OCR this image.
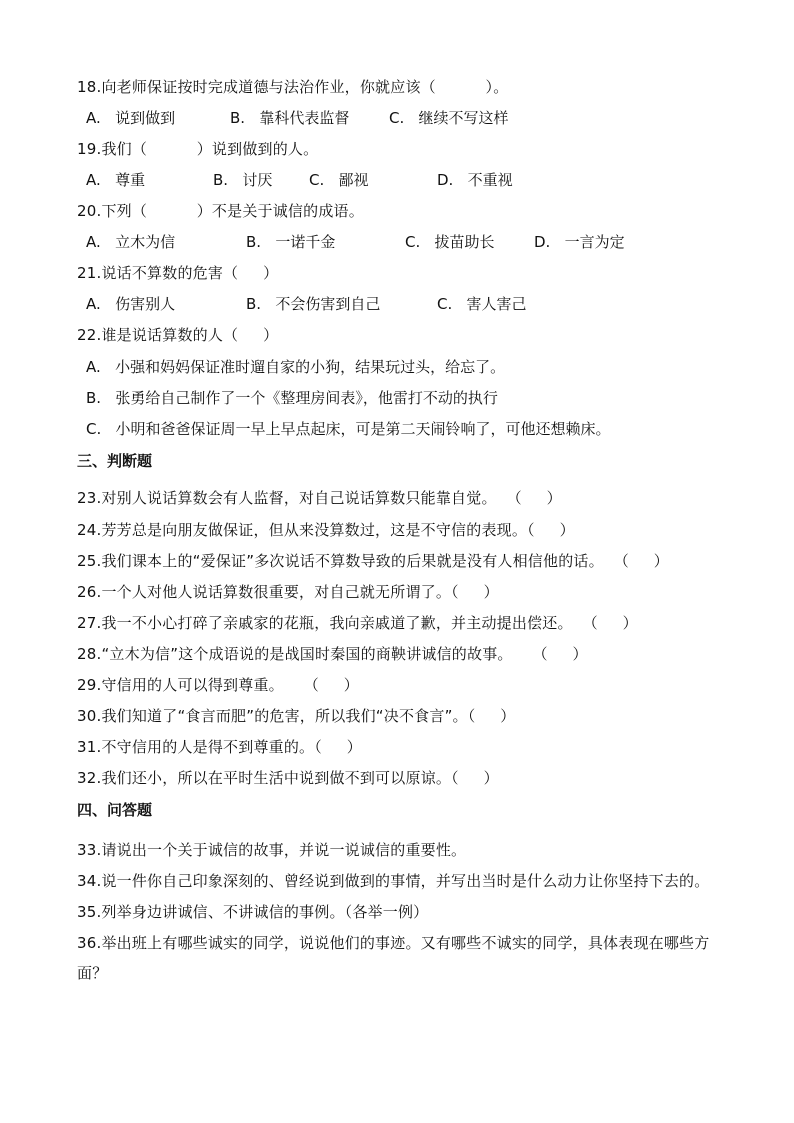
18.向老师保证按时完成道德与法治作业，你就应该（          ）。
A.   说到做到	B.   靠科代表监督	C.   继续不写这样
19.我们（          ）说到做到的人。
A.   尊重	B.   讨厌 C.   鄙视	D.   不重视
20.下列（          ）不是关于诚信的成语。
A.   立木为信	B.   一诺千金	C.   拔苗助长	D.   一言为定
21.说话不算数的危害（     ）
A.   伤害别人	B.   不会伤害到自己	C.   害人害己
22.谁是说话算数的人（     ）
A.   小强和妈妈保证准时遛自家的小狗，结果玩过头，给忘了。
B.   张勇给自己制作了一个《整理房间表》，他雷打不动的执行
C.   小明和爸爸保证周一早上早点起床，可是第二天闹铃响了，可他还想赖床。
三、判断题
23.对别人说话算数会有人监督，对自己说话算数只能靠自觉。  （     ）
24.芳芳总是向朋友做保证，但从来没算数过，这是不守信的表现。（     ）
25.我们课本上的“爱保证”多次说话不算数导致的后果就是没有人相信他的话。  （     ）
26.一个人对他人说话算数很重要，对自己就无所谓了。（     ）
27.我一不小心打碎了亲戚家的花瓶，我向亲戚道了歉，并主动提出偿还。  （     ）
28.“立木为信”这个成语说的是战国时秦国的商鞅讲诚信的故事。    （     ）
29.守信用的人可以得到尊重。    （     ）
30.我们知道了“食言而肥”的危害，所以我们“决不食言”。（     ）
31.不守信用的人是得不到尊重的。（     ）
32.我们还小，所以在平时生活中说到做不到可以原谅。（     ）
四、问答题
33.请说出一个关于诚信的故事，并说一说诚信的重要性。
34.说一件你自己印象深刻的、曾经说到做到的事情，并写出当时是什么动力让你坚持下去的。
35.列举身边讲诚信、不讲诚信的事例。（各举一例）
36.举出班上有哪些诚实的同学，说说他们的事迹。又有哪些不诚实的同学，具体表现在哪些方面？
